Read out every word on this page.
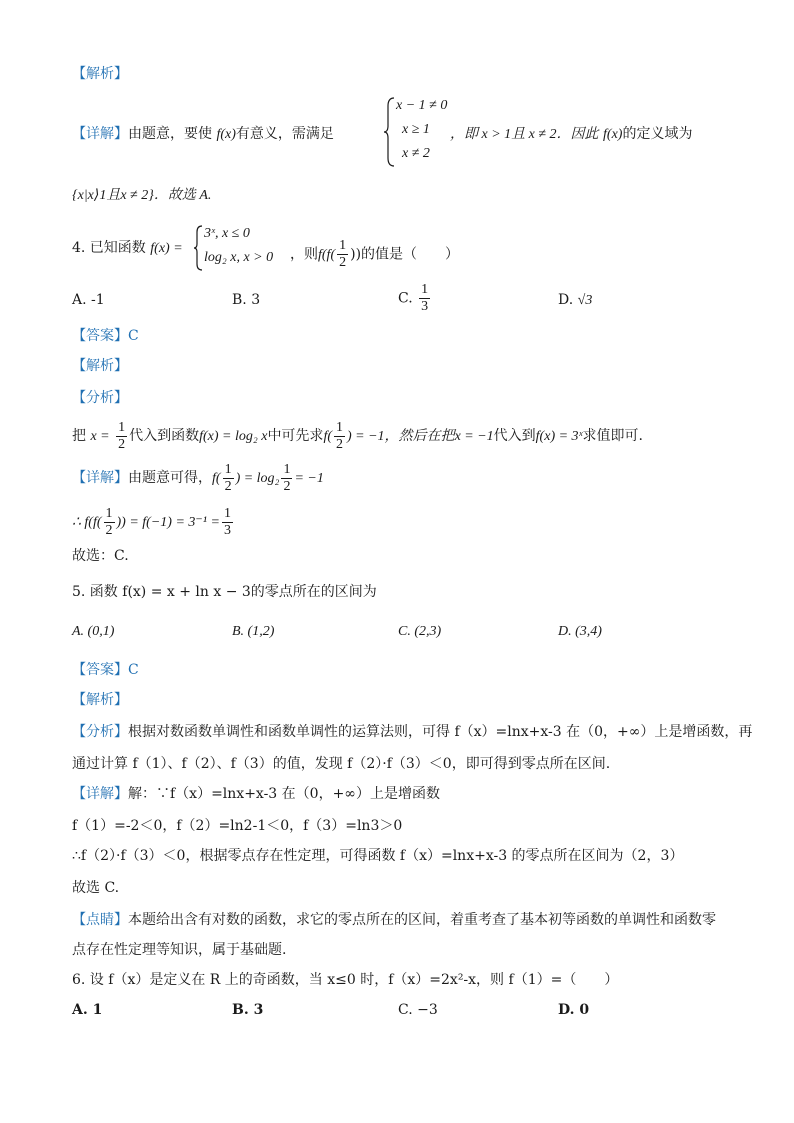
【解析】
【详解】由题意，要使 f(x)有意义，需满足
x − 1 ≠ 0
x ≥ 1
x ≠ 2
，即 x > 1且 x ≠ 2．因此 f(x)的定义域为
{x|x⟩1且x ≠ 2}．故选 A.
4. 已知函数 f(x) =
3ˣ, x ≤ 0
log₂ x, x > 0 ，则$f(f( \frac{1}{2}$ ))的值是（　　）
A. -1	B. 3	C. $\frac{1}{3}$	D. √3
【答案】C
【解析】
【分析】
把 $x = \frac{1}{2}$ 代入到函数f(x) = log₂ x中可先求$f( \frac{1}{2}$ ) = −1，然后在把x = −1代入到f(x) = 3ˣ求值即可.
【详解】由题意可得，$f( \frac{1}{2}$ ) = $\log_2 \frac{1}{2} = -1$
∴ $f(f( \frac{1}{2}$ )) = $f(-1) = 3^{-1} = \frac{1}{3}$
故选：C.
5. 函数 f(x) = x + ln x − 3的零点所在的区间为
A. (0,1)	B. (1,2)	C. (2,3)	D. (3,4)
【答案】C
【解析】
【分析】根据对数函数单调性和函数单调性的运算法则，可得 f（x）=lnx+x-3 在（0，+∞）上是增函数，再
通过计算 f（1）、f（2）、f（3）的值，发现 f（2）·f（3）＜0，即可得到零点所在区间.
【详解】解：∵f（x）=lnx+x-3 在（0，+∞）上是增函数
f（1）=-2＜0，f（2）=ln2-1＜0，f（3）=ln3＞0
∴f（2）·f（3）＜0，根据零点存在性定理，可得函数 f（x）=lnx+x-3 的零点所在区间为（2，3）
故选 C.
【点睛】本题给出含有对数的函数，求它的零点所在的区间，着重考查了基本初等函数的单调性和函数零
点存在性定理等知识，属于基础题.
6. 设 f（x）是定义在 R 上的奇函数，当 x≤0 时，f（x）=2x²-x，则 f（1）=（　　）
A. 1	B. 3	C. −3	D. 0
